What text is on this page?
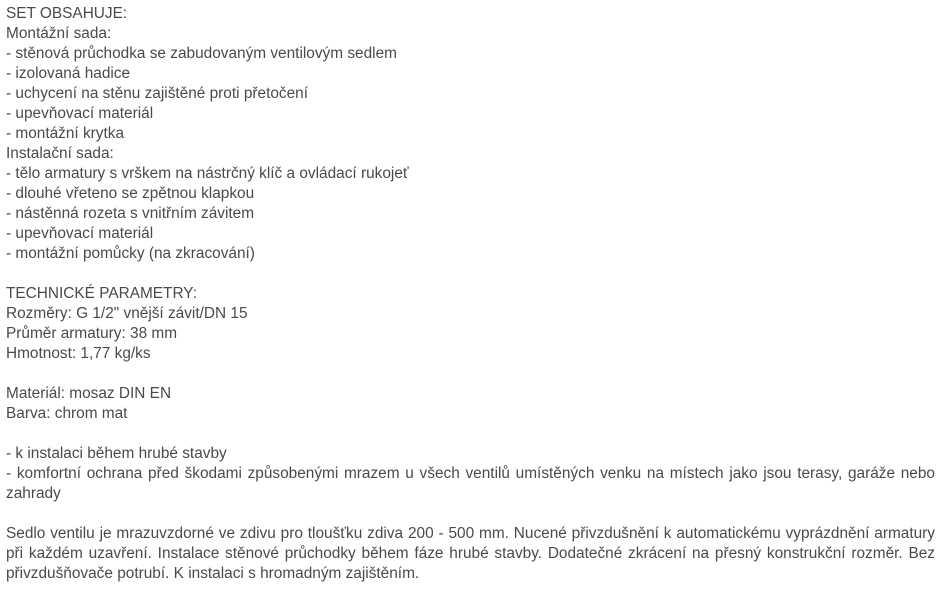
SET OBSAHUJE:
Montážní sada:
- stěnová průchodka se zabudovaným ventilovým sedlem
- izolovaná hadice
- uchycení na stěnu zajištěné proti přetočení
- upevňovací materiál
- montážní krytka
Instalační sada:
- tělo armatury s vrškem na nástrčný klíč a ovládací rukojeť
- dlouhé vřeteno se zpětnou klapkou
- nástěnná rozeta s vnitřním závitem
- upevňovací materiál
- montážní pomůcky (na zkracování)
TECHNICKÉ PARAMETRY:
Rozměry: G 1/2" vnější závit/DN 15
Průměr armatury: 38 mm
Hmotnost: 1,77 kg/ks
Materiál: mosaz DIN EN
Barva: chrom mat
- k instalaci během hrubé stavby
- komfortní ochrana před škodami způsobenými mrazem u všech ventilů umístěných venku na místech jako jsou terasy, garáže nebo zahrady
Sedlo ventilu je mrazuvzdorné ve zdivu pro tloušťku zdiva 200 - 500 mm. Nucené přivzdušnění k automatickému vyprázdnění armatury při každém uzavření. Instalace stěnové průchodky během fáze hrubé stavby. Dodatečné zkrácení na přesný konstrukční rozměr. Bez přivzdušňovače potrubí. K instalaci s hromadným zajištěním.
